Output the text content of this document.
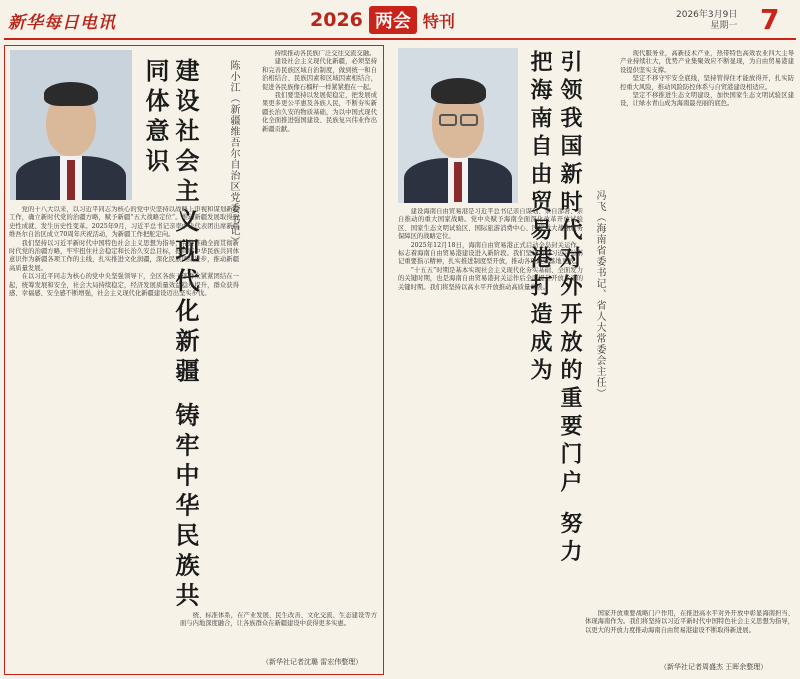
新华每日电讯	2026 两会 特刊	2026年3月9日
星期一 7
建设社会主义现代化新疆 铸牢中华民族共同体意识	陈小江（新疆维吾尔自治区党委书记）

党的十八大以来，以习近平同志为核心的党中央坚持以战略上审视和谋划新疆工作，确立新时代党的治疆方略，赋予新疆“五大战略定位”。推动新疆发展取得历史性成就、发生历史性变革。2025年9月，习近平总书记亲率中央代表团出席新疆维吾尔自治区成立70周年庆祝活动，为新疆工作把舵定向。

我们坚持以习近平新时代中国特色社会主义思想为指导，完整准确全面贯彻新时代党的治疆方略，牢牢扭住社会稳定和长治久安总目标，把铸牢中华民族共同体意识作为新疆各项工作的主线，扎实推进文化润疆，深化民族团结进步，推动新疆高质量发展。

在以习近平同志为核心的党中央坚强领导下，全区各族干部群众紧紧团结在一起，统筹发展和安全，社会大局持续稳定，经济发展质量效益稳步提升，群众获得感、幸福感、安全感不断增强，社会主义现代化新疆建设迈出坚实步伐。

持续推动各民族广泛交往交流交融。

建设社会主义现代化新疆，必须坚持和完善民族区域自治制度，做到统一和自治相结合、民族因素和区域因素相结合，促进各民族像石榴籽一样紧紧抱在一起。

我们要坚持以发展促稳定，把发展成果更多更公平惠及各族人民，不断夯实新疆长治久安的物质基础，为以中国式现代化全面推进强国建设、民族复兴伟业作出新疆贡献。

统、标准体系，在产业发展、民生改善、文化交流、生态建设等方面与内地深度融合，让各族群众在新疆建设中获得更多实惠。

（新华社记者沈璐 雷宏伟整理）
引领我国新时代对外开放的重要门户 努力把海南自由贸易港打造成为	冯飞（海南省委书记、省人大常委会主任）

建设海南自由贸易港是习近平总书记亲自谋划、亲自部署、亲自推动的重大国家战略。党中央赋予海南全面深化改革开放试验区、国家生态文明试验区、国际旅游消费中心、国家重大战略服务保障区的战略定位。

2025年12月18日，海南自由贸易港正式启动全岛封关运作，标志着海南自由贸易港建设进入新阶段。我们坚决贯彻习近平总书记重要指示精神，扎实推进制度型开放，推动各项政策落地见效。

“十五五”时期是基本实现社会主义现代化夯实基础、全面发力的关键时期，也是海南自由贸易港封关运作后全面提升开放水平的关键时期。我们将坚持以高水平开放推动高质量发展。

现代服务业，高新技术产业，热带特色高效农业四大主导产业持续壮大，优势产业集聚效应不断显现，为自由贸易港建设提供坚实支撑。

坚定不移守牢安全底线，坚持管得住才能放得开，扎实防控重大风险，推动风险防控体系与自贸港建设相适应。

坚定不移推进生态文明建设，加快国家生态文明试验区建设，让绿水青山成为海南最亮丽的底色。

国家开放重要战略门户作用，在推进高水平对外开放中彰显海南担当、体现海南作为。我们将坚持以习近平新时代中国特色社会主义思想为指导，以更大的开放力度推动海南自由贸易港建设不断取得新进展。

（新华社记者周盛杰 王晖余整理）
